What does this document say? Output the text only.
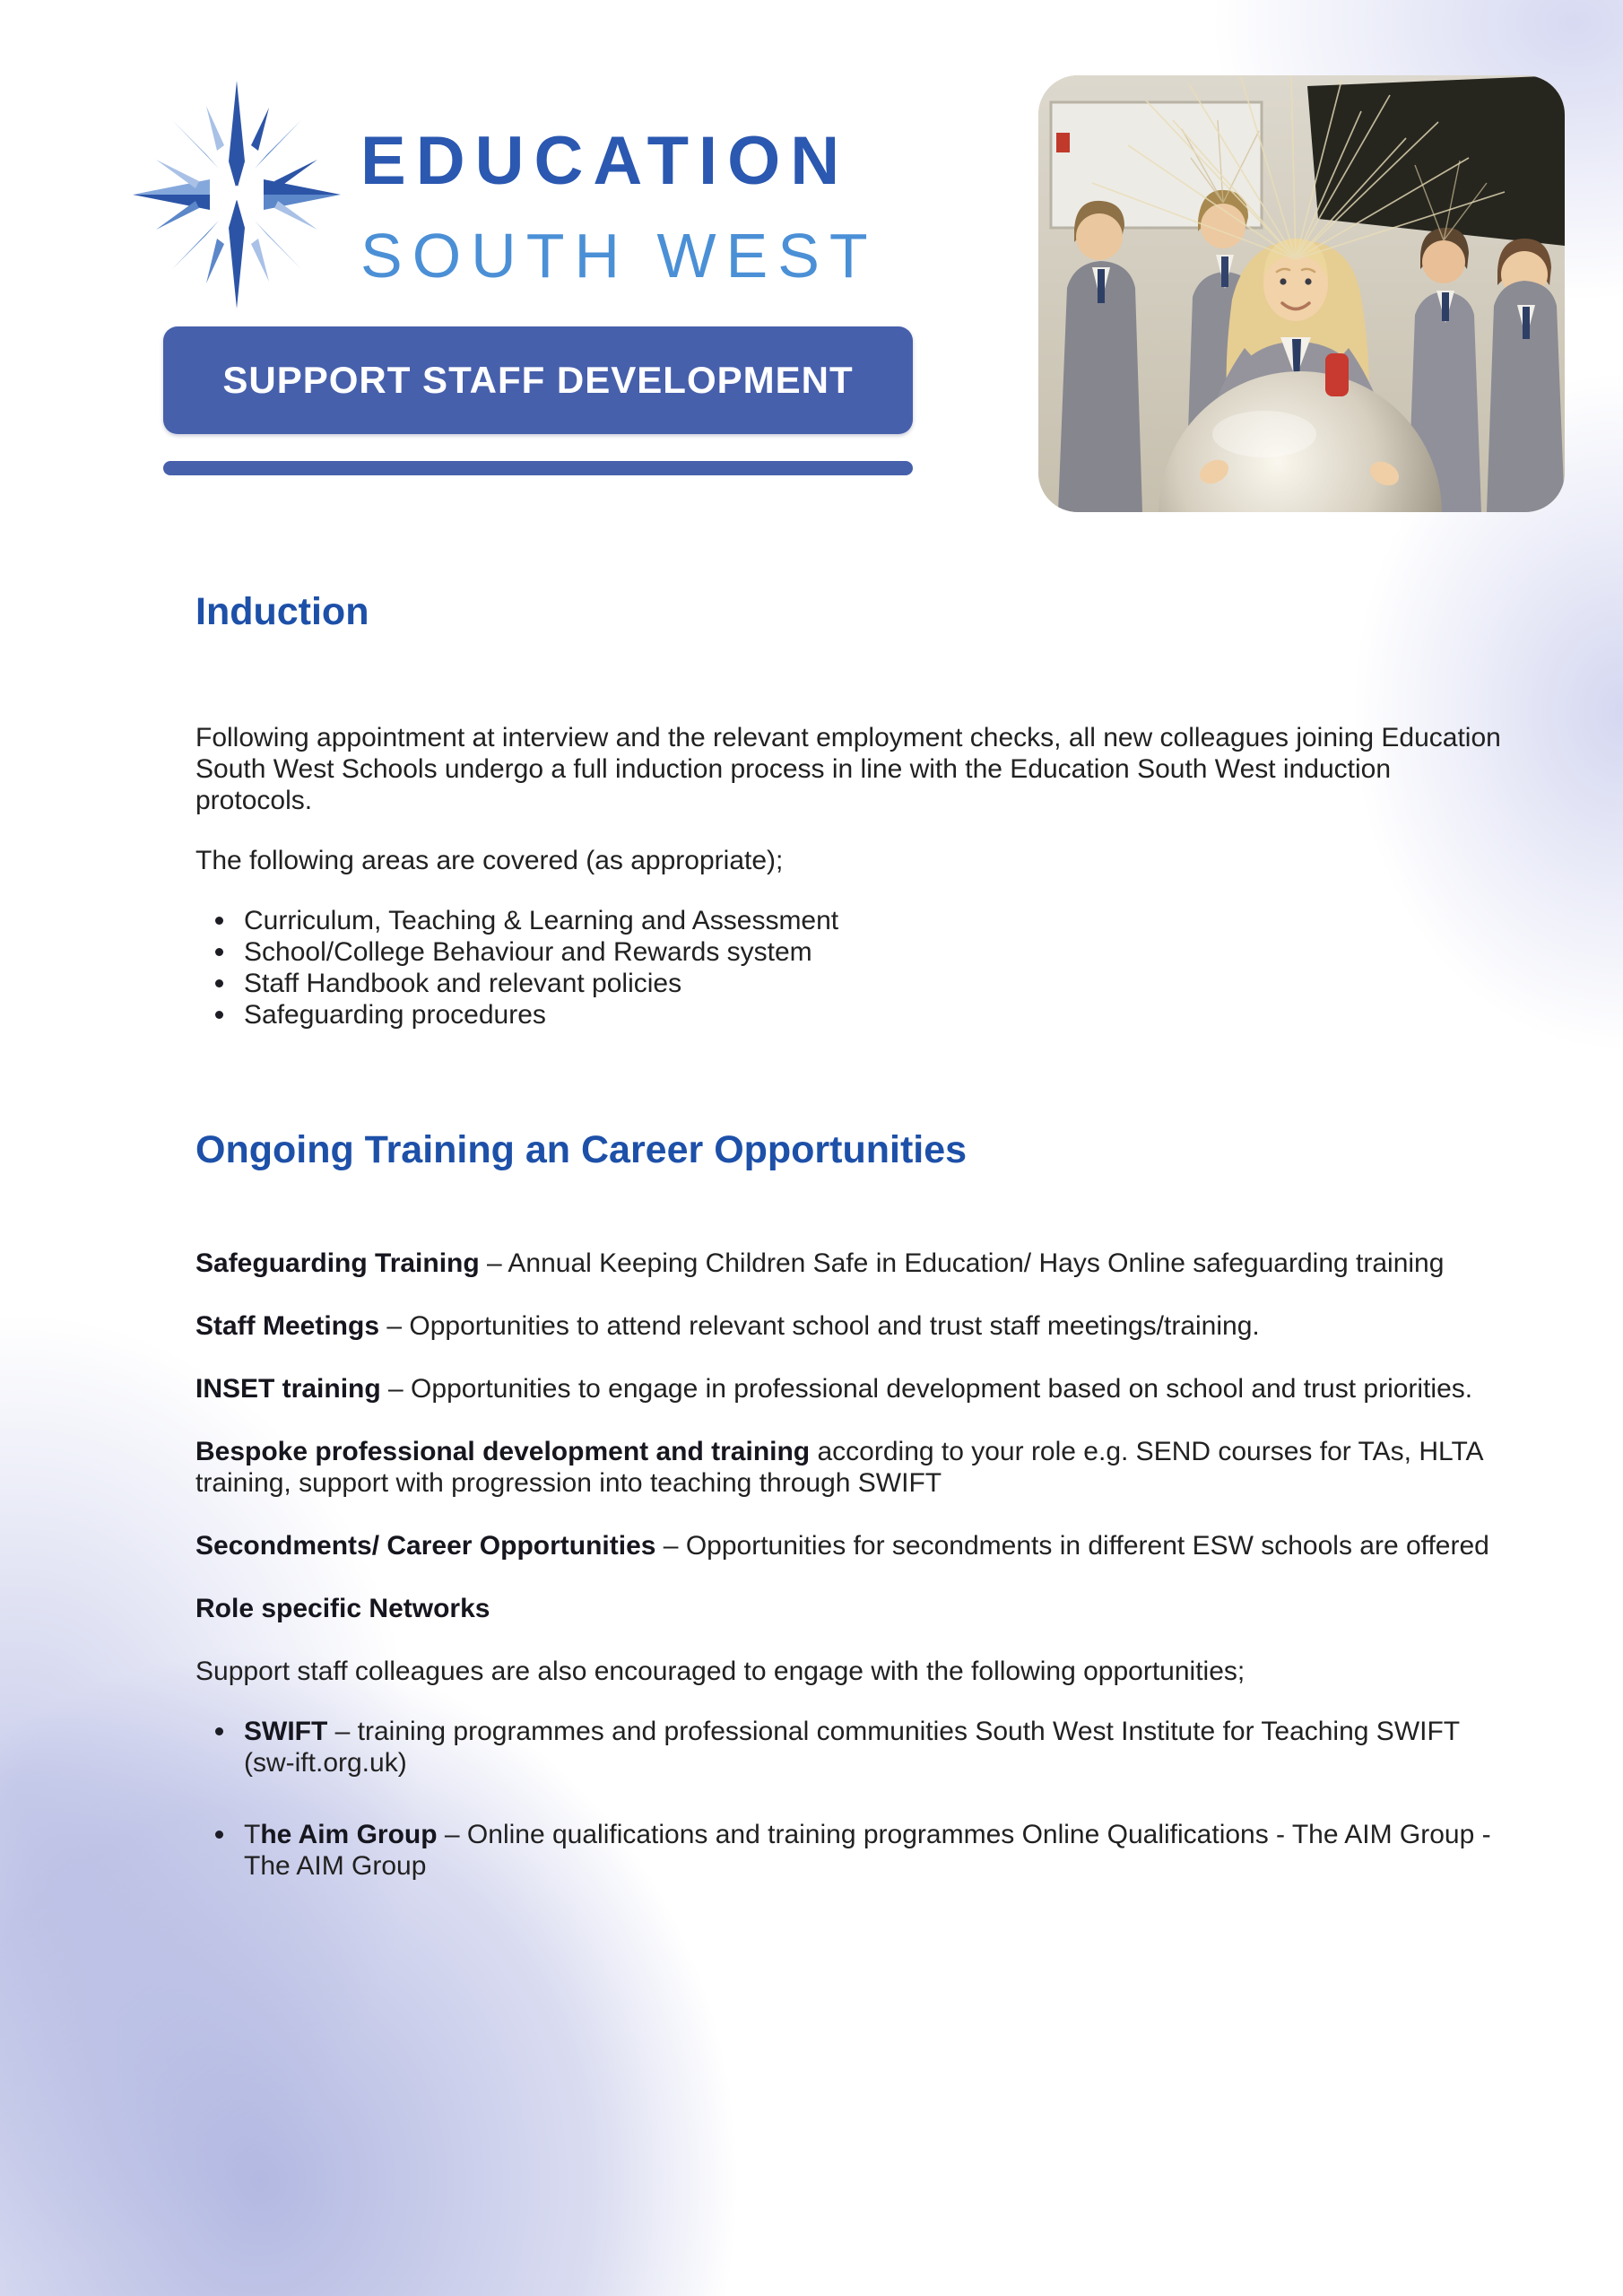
EDUCATION
SOUTH WEST
SUPPORT STAFF DEVELOPMENT
Induction

Following appointment at interview and the relevant employment checks, all new colleagues joining Education South West Schools undergo a full induction process in line with the Education South West induction protocols.

The following areas are covered (as appropriate);

Curriculum, Teaching & Learning and Assessment
School/College Behaviour and Rewards system
Staff Handbook and relevant policies
Safeguarding procedures
Ongoing Training an Career Opportunities

Safeguarding Training – Annual Keeping Children Safe in Education/ Hays Online safeguarding training

Staff Meetings – Opportunities to attend relevant school and trust staff meetings/training.

INSET training – Opportunities to engage in professional development based on school and trust priorities.

Bespoke professional development and training according to your role e.g. SEND courses for TAs, HLTA training, support with progression into teaching through SWIFT

Secondments/ Career Opportunities – Opportunities for secondments in different ESW schools are offered

Role specific Networks

Support staff colleagues are also encouraged to engage with the following opportunities;

SWIFT – training programmes and professional communities South West Institute for Teaching SWIFT (sw-ift.org.uk)
The Aim Group – Online qualifications and training programmes Online Qualifications - The AIM Group - The AIM Group
